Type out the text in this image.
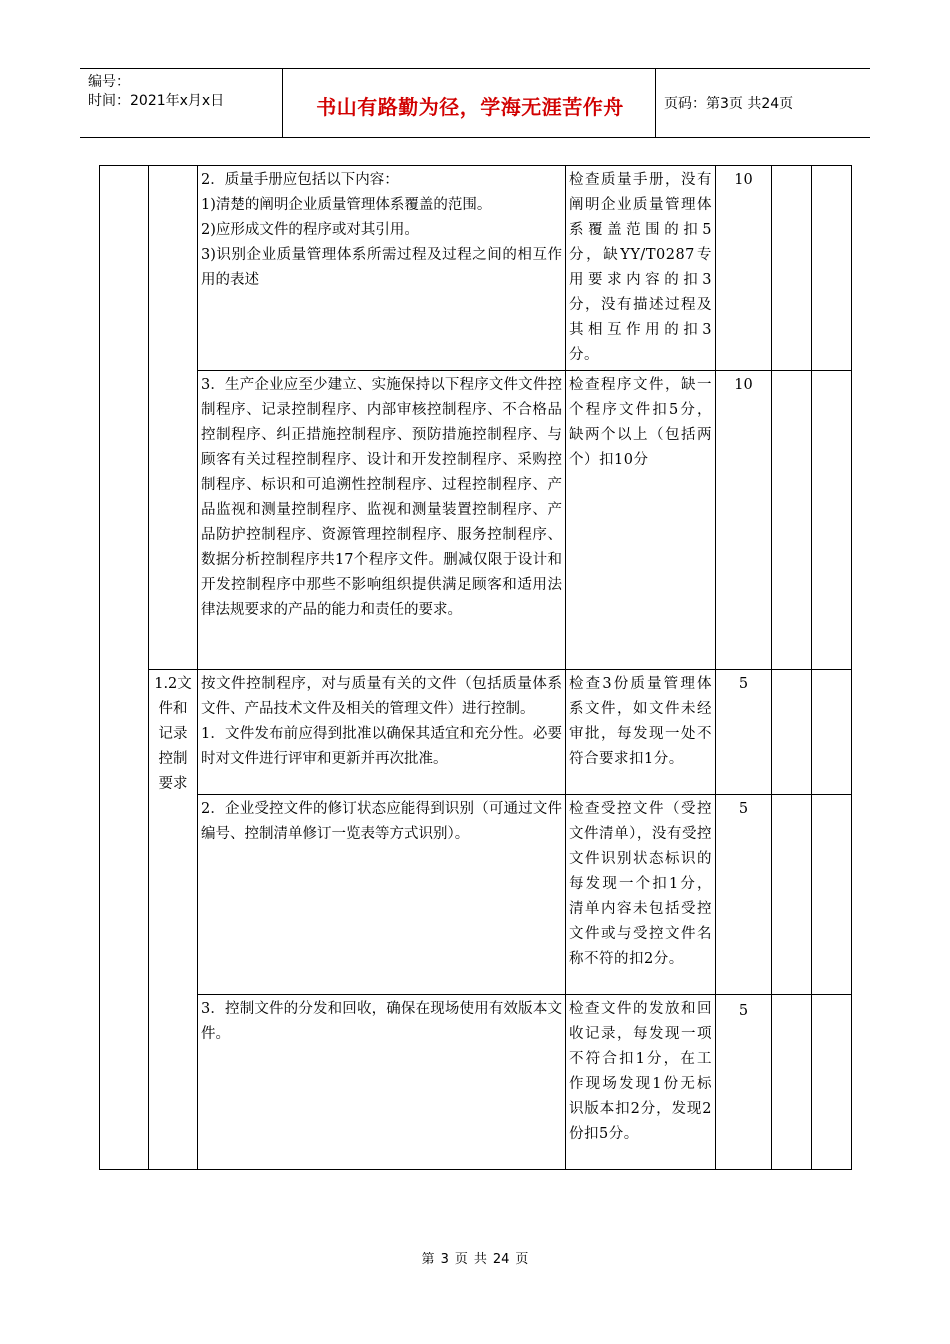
编号：
时间：2021年x月x日	书山有路勤为径，学海无涯苦作舟	页码：第3页 共24页

		2．质量手册应包括以下内容：
1)清楚的阐明企业质量管理体系覆盖的范围。
2)应形成文件的程序或对其引用。
3)识别企业质量管理体系所需过程及过程之间的相互作用的表述	检查质量手册，没有阐明企业质量管理体系覆盖范围的扣5分，缺YY/T0287专用要求内容的扣3分，没有描述过程及其相互作用的扣3分。	10		

		3．生产企业应至少建立、实施保持以下程序文件文件控制程序、记录控制程序、内部审核控制程序、不合格品控制程序、纠正措施控制程序、预防措施控制程序、与顾客有关过程控制程序、设计和开发控制程序、采购控制程序、标识和可追溯性控制程序、过程控制程序、产品监视和测量控制程序、监视和测量装置控制程序、产品防护控制程序、资源管理控制程序、服务控制程序、数据分析控制程序共17个程序文件。删减仅限于设计和开发控制程序中那些不影响组织提供满足顾客和适用法律法规要求的产品的能力和责任的要求。	检查程序文件，缺一个程序文件扣5分，缺两个以上（包括两个）扣10分	10		
	1.2文件和记录控制要求	按文件控制程序，对与质量有关的文件（包括质量体系文件、产品技术文件及相关的管理文件）进行控制。
1．文件发布前应得到批准以确保其适宜和充分性。必要时对文件进行评审和更新并再次批准。	检查3份质量管理体系文件，如文件未经审批，每发现一处不符合要求扣1分。	5		

		2．企业受控文件的修订状态应能得到识别（可通过文件编号、控制清单修订一览表等方式识别）。	检查受控文件（受控文件清单），没有受控文件识别状态标识的每发现一个扣1分，清单内容未包括受控文件或与受控文件名称不符的扣2分。	5		

		3．控制文件的分发和回收，确保在现场使用有效版本文件。	检查文件的发放和回收记录，每发现一项不符合扣1分，在工作现场发现1份无标识版本扣2分，发现2份扣5分。	5		
第 3 页 共 24 页
